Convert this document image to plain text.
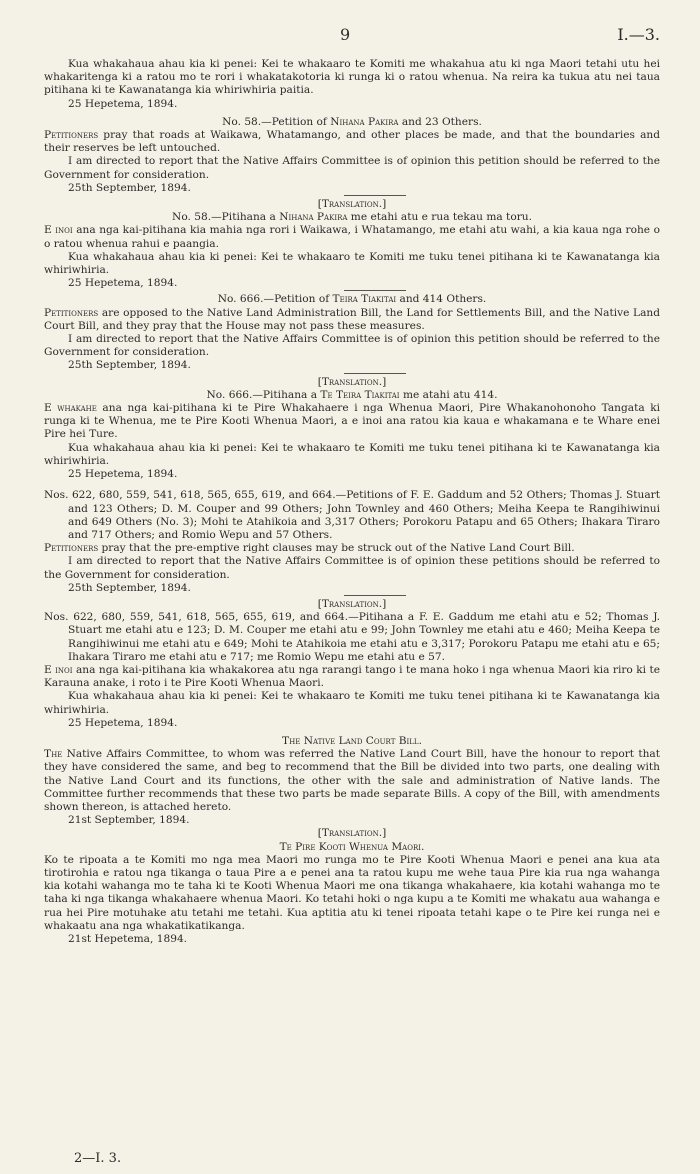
9	I.—3.

Kua whakahaua ahau kia ki penei: Kei te whakaaro te Komiti me whakahua atu ki nga Maori tetahi utu hei whakaritenga ki a ratou mo te rori i whakatakotoria ki runga ki o ratou whenua. Na reira ka tukua atu nei taua pitihana ki te Kawanatanga kia whiriwhiria paitia.

25 Hepetema, 1894.

No. 58.—Petition of Nihana Pakira and 23 Others.

Petitioners pray that roads at Waikawa, Whatamango, and other places be made, and that the boundaries and their reserves be left untouched.

I am directed to report that the Native Affairs Committee is of opinion this petition should be referred to the Government for consideration.

25th September, 1894.

[Translation.]

No. 58.—Pitihana a Nihana Pakira me etahi atu e rua tekau ma toru.

E inoi ana nga kai-pitihana kia mahia nga rori i Waikawa, i Whatamango, me etahi atu wahi, a kia kaua nga rohe o o ratou whenua rahui e paangia.

Kua whakahaua ahau kia ki penei: Kei te whakaaro te Komiti me tuku tenei pitihana ki te Kawanatanga kia whiriwhiria.

25 Hepetema, 1894.

No. 666.—Petition of Teira Tiakitai and 414 Others.

Petitioners are opposed to the Native Land Administration Bill, the Land for Settlements Bill, and the Native Land Court Bill, and they pray that the House may not pass these measures.

I am directed to report that the Native Affairs Committee is of opinion this petition should be referred to the Government for consideration.

25th September, 1894.

[Translation.]

No. 666.—Pitihana a Te Teira Tiakitai me atahi atu 414.

E whakahe ana nga kai-pitihana ki te Pire Whakahaere i nga Whenua Maori, Pire Whakanohonoho Tangata ki runga ki te Whenua, me te Pire Kooti Whenua Maori, a e inoi ana ratou kia kaua e whakamana e te Whare enei Pire hei Ture.

Kua whakahaua ahau kia ki penei: Kei te whakaaro te Komiti me tuku tenei pitihana ki te Kawanatanga kia whiriwhiria.

25 Hepetema, 1894.

Nos. 622, 680, 559, 541, 618, 565, 655, 619, and 664.—Petitions of F. E. Gaddum and 52 Others; Thomas J. Stuart and 123 Others; D. M. Couper and 99 Others; John Townley and 460 Others; Meiha Keepa te Rangihiwinui and 649 Others (No. 3); Mohi te Atahikoia and 3,317 Others; Porokoru Patapu and 65 Others; Ihakara Tiraro and 717 Others; and Romio Wepu and 57 Others.

Petitioners pray that the pre-emptive right clauses may be struck out of the Native Land Court Bill.

I am directed to report that the Native Affairs Committee is of opinion these petitions should be referred to the Government for consideration.

25th September, 1894.

[Translation.]

Nos. 622, 680, 559, 541, 618, 565, 655, 619, and 664.—Pitihana a F. E. Gaddum me etahi atu e 52; Thomas J. Stuart me etahi atu e 123; D. M. Couper me etahi atu e 99; John Townley me etahi atu e 460; Meiha Keepa te Rangihiwinui me etahi atu e 649; Mohi te Atahikoia me etahi atu e 3,317; Porokoru Patapu me etahi atu e 65; Ihakara Tiraro me etahi atu e 717; me Romio Wepu me etahi atu e 57.

E inoi ana nga kai-pitihana kia whakakorea atu nga rarangi tango i te mana hoko i nga whenua Maori kia riro ki te Karauna anake, i roto i te Pire Kooti Whenua Maori.

Kua whakahaua ahau kia ki penei: Kei te whakaaro te Komiti me tuku tenei pitihana ki te Kawanatanga kia whiriwhiria.

25 Hepetema, 1894.

The Native Land Court Bill.

The Native Affairs Committee, to whom was referred the Native Land Court Bill, have the honour to report that they have considered the same, and beg to recommend that the Bill be divided into two parts, one dealing with the Native Land Court and its functions, the other with the sale and administration of Native lands. The Committee further recommends that these two parts be made separate Bills. A copy of the Bill, with amendments shown thereon, is attached hereto.

21st September, 1894.

[Translation.]

Te Pire Kooti Whenua Maori.

Ko te ripoata a te Komiti mo nga mea Maori mo runga mo te Pire Kooti Whenua Maori e penei ana kua ata tirotirohia e ratou nga tikanga o taua Pire a e penei ana ta ratou kupu me wehe taua Pire kia rua nga wahanga kia kotahi wahanga mo te taha ki te Kooti Whenua Maori me ona tikanga whakahaere, kia kotahi wahanga mo te taha ki nga tikanga whakahaere whenua Maori. Ko tetahi hoki o nga kupu a te Komiti me whakatu aua wahanga e rua hei Pire motuhake atu tetahi me tetahi. Kua aptitia atu ki tenei ripoata tetahi kape o te Pire kei runga nei e whakaatu ana nga whakatikatikanga.

21st Hepetema, 1894.

2—I. 3.
